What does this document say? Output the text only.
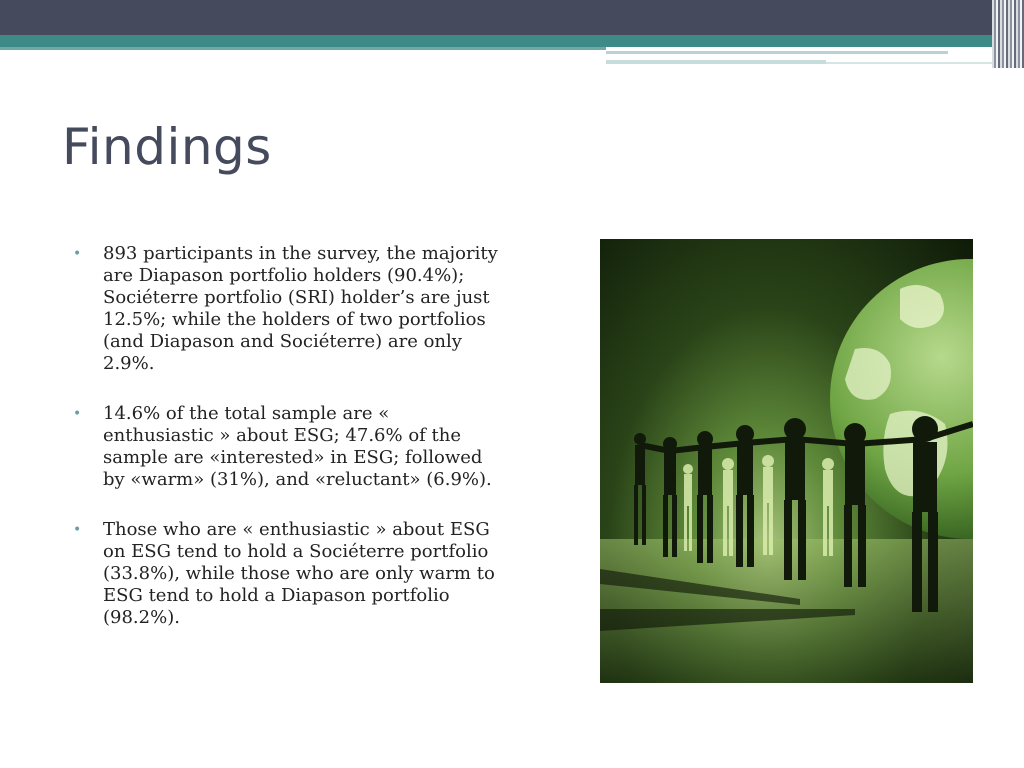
Findings
• 893 participants in the survey, the majority are Diapason portfolio holders (90.4%); Sociéterre portfolio (SRI) holder’s are just 12.5%; while the holders of two portfolios (and Diapason and Sociéterre) are only 2.9%.
• 14.6% of the total sample are « enthusiastic » about ESG; 47.6% of the sample are «interested» in ESG; followed by «warm» (31%), and «reluctant» (6.9%).
• Those who are « enthusiastic » about ESG on ESG tend to hold a Sociéterre portfolio (33.8%), while those who are only warm to ESG tend to hold a Diapason portfolio (98.2%).
